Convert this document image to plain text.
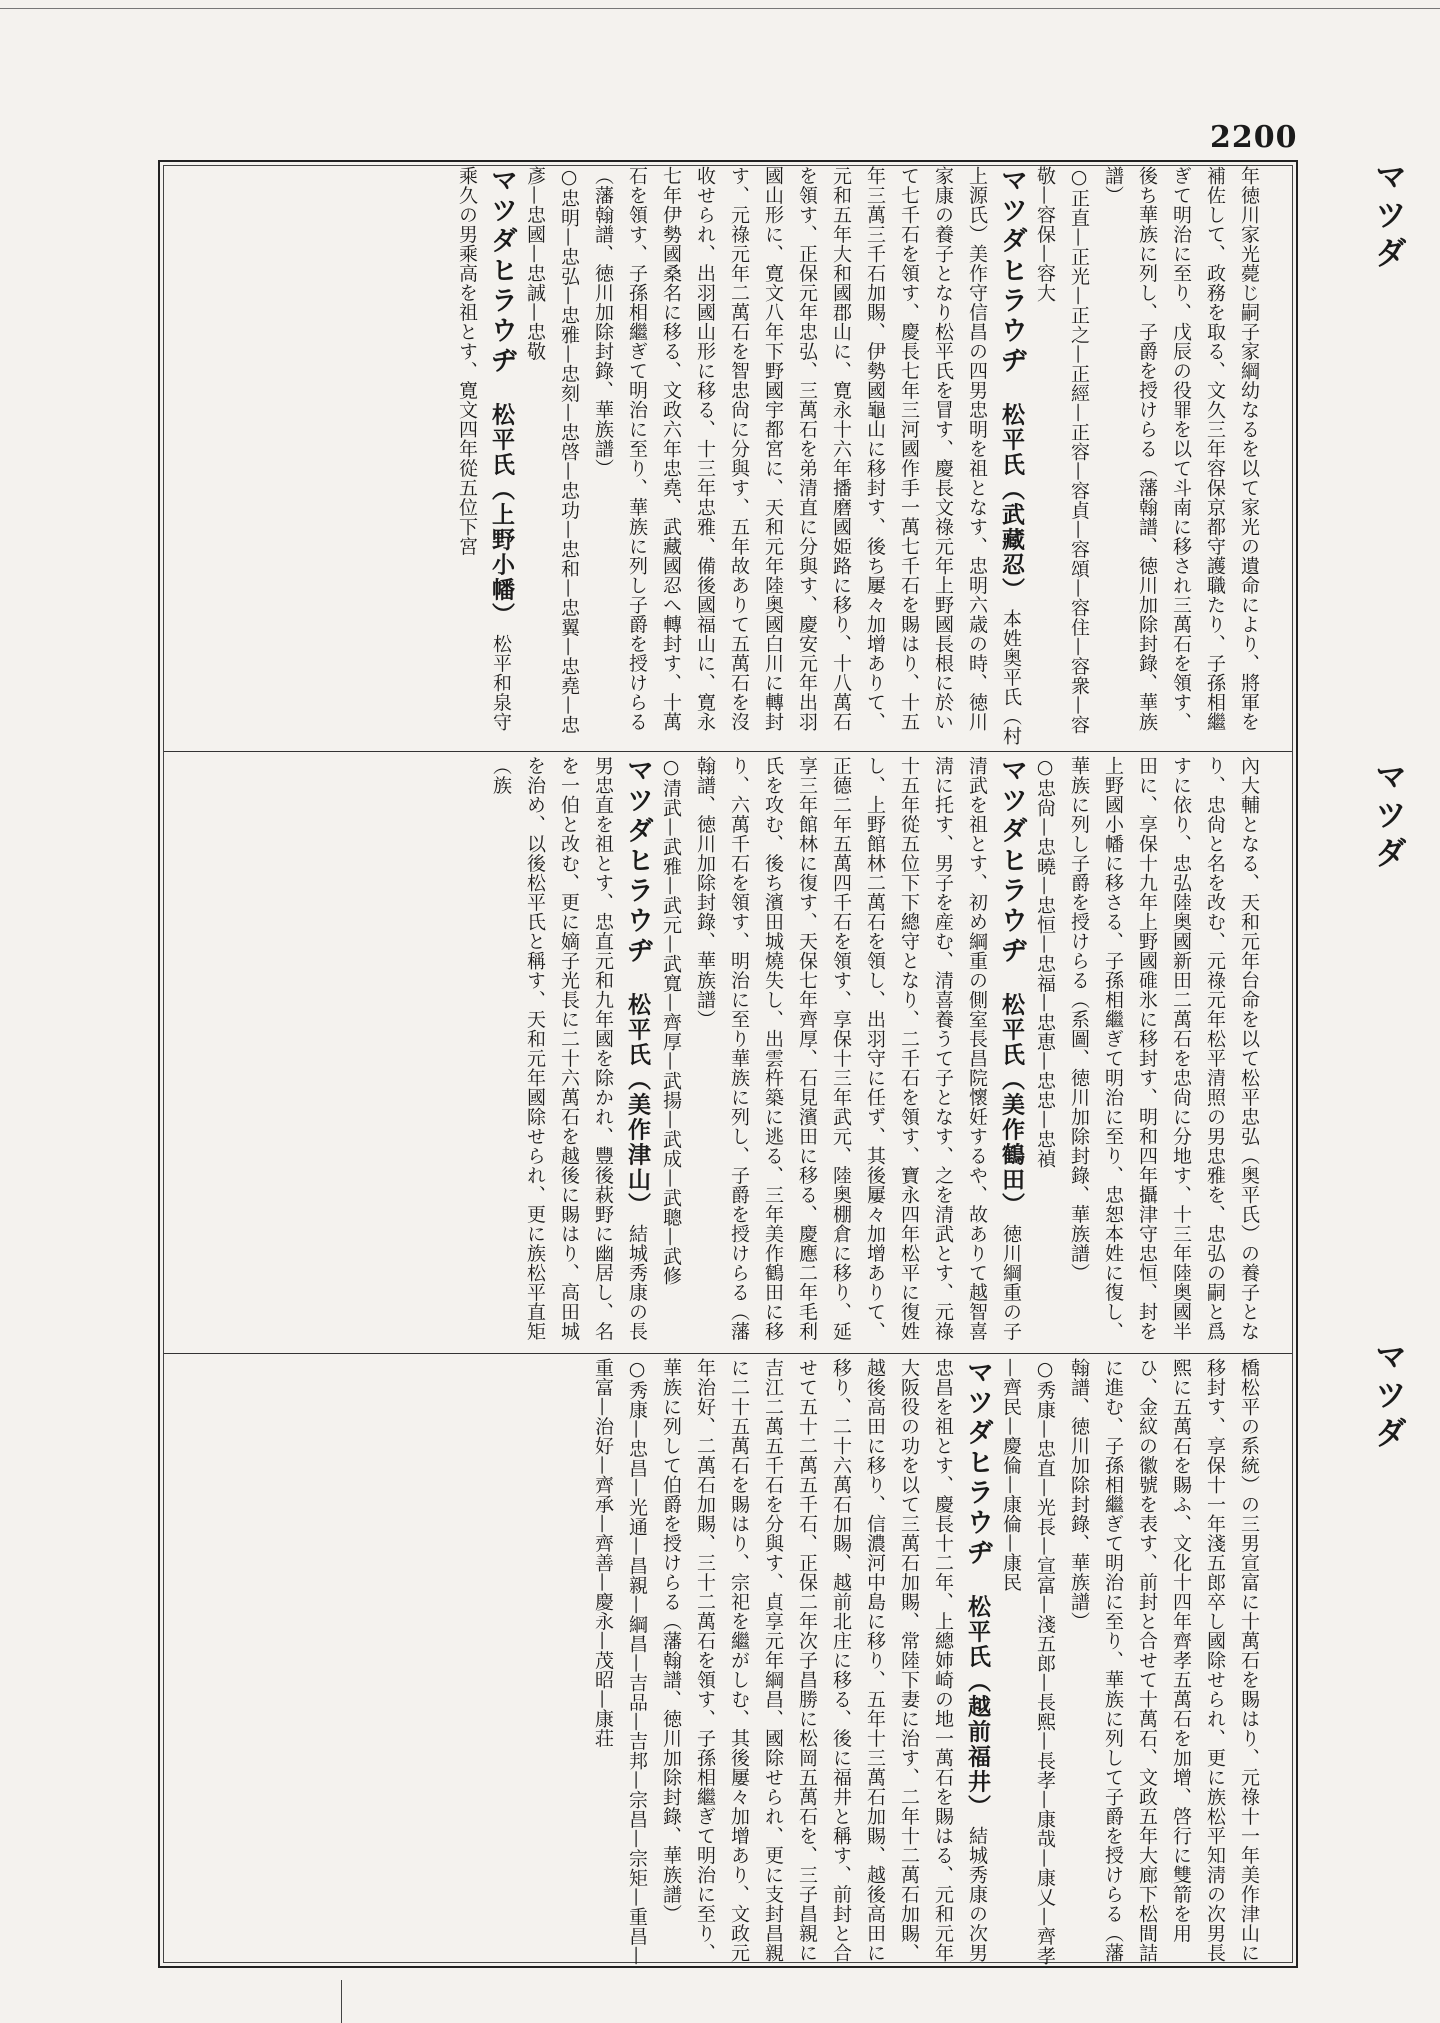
2200
マツダ
マツダ
マツダ
年徳川家光薨じ嗣子家綱幼なるを以て家光の遺命により、將軍を補佐して、政務を取る、文久三年容保京都守護職たり、子孫相繼ぎて明治に至り、戊辰の役罪を以て斗南に移され三萬石を領す、後ち華族に列し、子爵を授けらる（藩翰譜、徳川加除封錄、華族譜）
○正直—正光—正之—正經—正容—容貞—容頌—容住—容衆—容敬—容保—容大
マツダヒラウヂ　 松平氏（武藏忍） 本姓奥平氏（村上源氏）美作守信昌の四男忠明を祖となす、忠明六歳の時、徳川家康の養子となり松平氏を冒す、慶長文祿元年上野國長根に於いて七千石を領す、慶長七年三河國作手一萬七千石を賜はり、十五年三萬三千石加賜、伊勢國龜山に移封す、後ち屢々加增ありて、元和五年大和國郡山に、寛永十六年播磨國姫路に移り、十八萬石を領す、正保元年忠弘、三萬石を弟清直に分與す、慶安元年出羽國山形に、寛文八年下野國宇都宮に、天和元年陸奥國白川に轉封す、元祿元年二萬石を智忠尙に分與す、五年故ありて五萬石を沒收せられ、出羽國山形に移る、十三年忠雅、備後國福山に、寛永七年伊勢國桑名に移る、文政六年忠堯、武藏國忍へ轉封す、十萬石を領す、子孫相繼ぎて明治に至り、華族に列し子爵を授けらる（藩翰譜、徳川加除封錄、華族譜）
○忠明—忠弘—忠雅—忠刻—忠啓—忠功—忠和—忠翼—忠堯—忠彥—忠國—忠誠—忠敬
マツダヒラウヂ　 松平氏（上野小幡） 松平和泉守乘久の男乘高を祖とす、寛文四年從五位下宮
內大輔となる、天和元年台命を以て松平忠弘（奥平氏）の養子となり、忠尙と名を改む、元祿元年松平清照の男忠雅を、忠弘の嗣と爲すに依り、忠弘陸奥國新田二萬石を忠尙に分地す、十三年陸奥國半田に、享保十九年上野國碓氷に移封す、明和四年攝津守忠恒、封を上野國小幡に移さる、子孫相繼ぎて明治に至り、忠恕本姓に復し、華族に列し子爵を授けらる（系圖、徳川加除封錄、華族譜）
○忠尙—忠曉—忠恒—忠福—忠恵—忠忠—忠禎
マツダヒラウヂ　 松平氏（美作鶴田） 徳川綱重の子清武を祖とす、初め綱重の側室長昌院懷妊するや、故ありて越智喜淸に托す、男子を産む、清喜養うて子となす、之を清武とす、元祿十五年從五位下下總守となり、二千石を領す、寶永四年松平に復姓し、上野館林二萬石を領し、出羽守に任ず、其後屢々加增ありて、正德二年五萬四千石を領す、享保十三年武元、陸奥棚倉に移り、延享三年館林に復す、天保七年齊厚、石見濱田に移る、慶應二年毛利氏を攻む、後ち濱田城燒失し、出雲杵築に逃る、三年美作鶴田に移り、六萬千石を領す、明治に至り華族に列し、子爵を授けらる（藩翰譜、徳川加除封錄、華族譜）
○清武—武雅—武元—武寬—齊厚—武揚—武成—武聰—武修
マツダヒラウヂ　 松平氏（美作津山） 結城秀康の長男忠直を祖とす、忠直元和九年國を除かれ、豐後萩野に幽居し、名を一伯と改む、更に嫡子光長に二十六萬石を越後に賜はり、高田城を治め、以後松平氏と稱す、天和元年國除せられ、更に族松平直矩（族
橋松平の系統）の三男宣富に十萬石を賜はり、元祿十一年美作津山に移封す、享保十一年淺五郎卒し國除せられ、更に族松平知淸の次男長熙に五萬石を賜ふ、文化十四年齊孝五萬石を加增、啓行に雙箭を用ひ、金紋の徽號を表す、前封と合せて十萬石、文政五年大廊下松間詰に進む、子孫相繼ぎて明治に至り、華族に列して子爵を授けらる（藩翰譜、徳川加除封錄、華族譜）
○秀康—忠直—光長—宣富—淺五郎—長熙—長孝—康哉—康乂—齊孝—齊民—慶倫—康倫—康民
マツダヒラウヂ　 松平氏（越前福井） 結城秀康の次男忠昌を祖とす、慶長十二年、上總姉崎の地一萬石を賜はる、元和元年大阪役の功を以て三萬石加賜、常陸下妻に治す、二年十二萬石加賜、越後高田に移り、信濃河中島に移り、五年十三萬石加賜、越後高田に移り、二十六萬石加賜、越前北庄に移る、後に福井と稱す、前封と合せて五十二萬五千石、正保二年次子昌勝に松岡五萬石を、三子昌親に吉江二萬五千石を分與す、貞享元年綱昌、國除せられ、更に支封昌親に二十五萬石を賜はり、宗祀を繼がしむ、其後屢々加增あり、文政元年治好、二萬石加賜、三十二萬石を領す、子孫相繼ぎて明治に至り、華族に列して伯爵を授けらる（藩翰譜、徳川加除封錄、華族譜）
○秀康—忠昌—光通—昌親—綱昌—吉品—吉邦—宗昌—宗矩—重昌—重富—治好—齊承—齊善—慶永—茂昭—康荘
